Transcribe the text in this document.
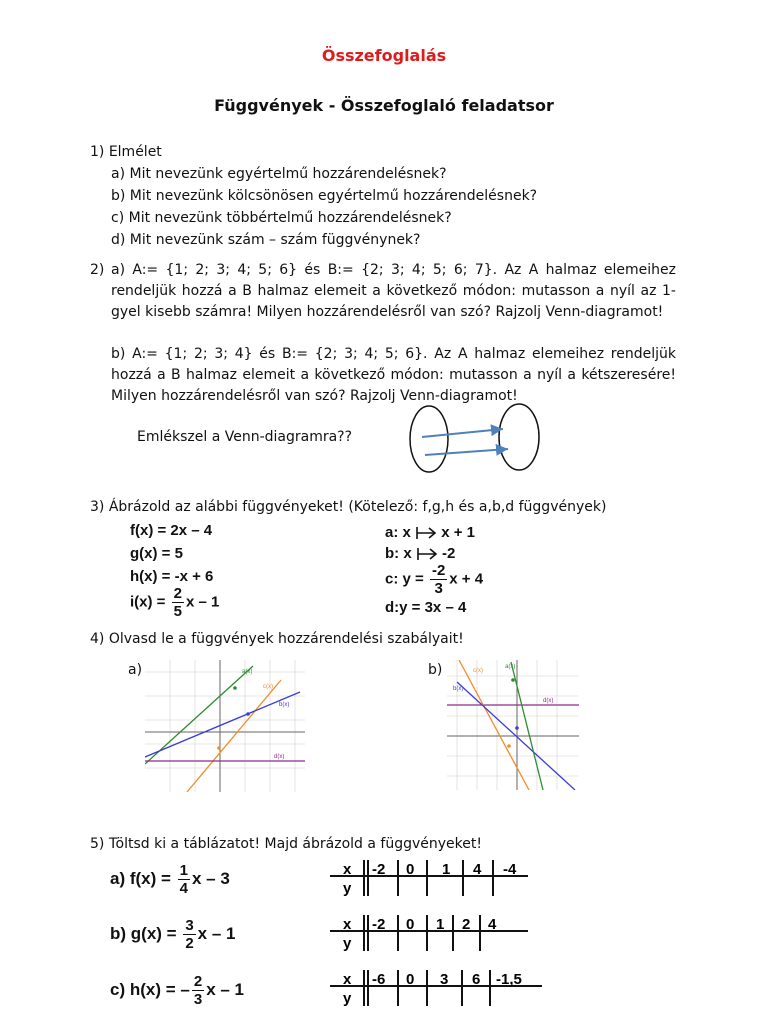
Összefoglalás
Függvények - Összefoglaló feladatsor
1) Elmélet
a) Mit nevezünk egyértelmű hozzárendelésnek?
b) Mit nevezünk kölcsönösen egyértelmű hozzárendelésnek?
c) Mit nevezünk többértelmű hozzárendelésnek?
d) Mit nevezünk szám – szám függvénynek?
2) a) A:= {1; 2; 3; 4; 5; 6} és B:= {2; 3; 4; 5; 6; 7}. Az A halmaz elemeihez rendeljük hozzá a B halmaz elemeit a következő módon: mutasson a nyíl az 1-gyel kisebb számra! Milyen hozzárendelésről van szó? Rajzolj Venn-diagramot!
b) A:= {1; 2; 3; 4} és B:= {2; 3; 4; 5; 6}. Az A halmaz elemeihez rendeljük hozzá a B halmaz elemeit a következő módon: mutasson a nyíl a kétszeresére! Milyen hozzárendelésről van szó? Rajzolj Venn-diagramot!
Emlékszel a Venn-diagramra??
3) Ábrázold az alábbi függvényeket! (Kötelező: f,g,h és a,b,d függvények)
f(x) = 2x – 4
g(x) = 5
h(x) = -x + 6
$i(x) = \frac{2}{5}$ x – 1
a: x x + 1
b: x -2
c: $y = \frac{-2}{3}$ x + 4
d:y = 3x – 4
4) Olvasd le a függvények hozzárendelési szabályait!
a)	b)
a(x)
c(x)
b(x)
d(x)
a(x)
c(x)
b(x)
d(x)
5) Töltsd ki a táblázatot! Majd ábrázold a függvényeket!
a) $f(x) = \frac{1}{4}$ x – 3
b) $g(x) = \frac{3}{2}$ x – 1
c) h(x) = – $\frac{2}{3}$ x – 1
x
y
-2 0 1 4 -4
x
y
-2 0 1 2 4
x
y
-6 0 3 6 -1,5
